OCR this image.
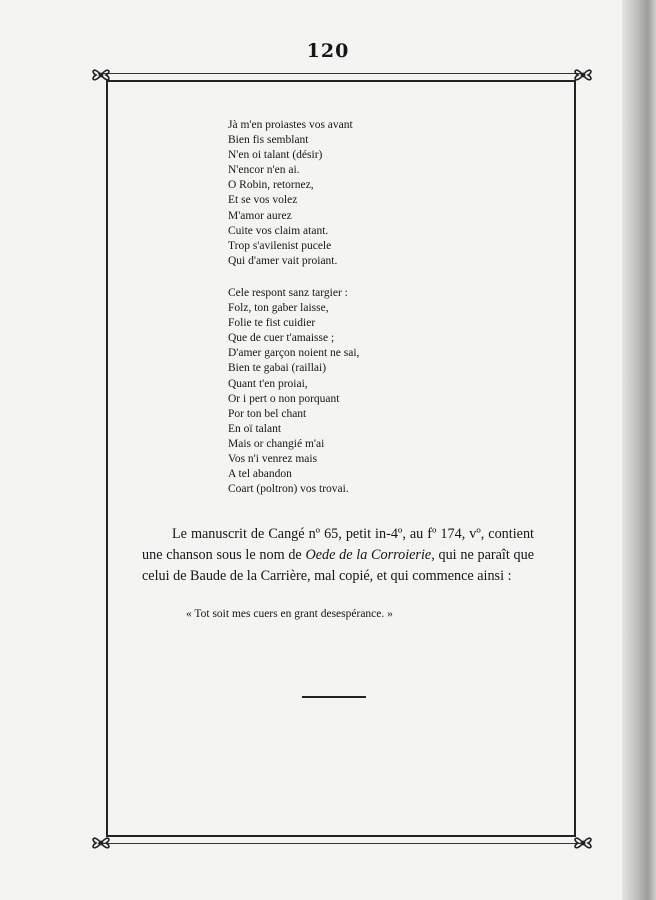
120
Jà m'en proiastes vos avant
Bien fis semblant
N'en oi talant (désir)
N'encor n'en ai.
O Robin, retornez,
Et se vos volez
M'amor aurez
Cuite vos claim atant.
Trop s'avilenist pucele
Qui d'amer vait proiant.
Cele respont sanz targier :
Folz, ton gaber laisse,
Folie te fist cuidier
Que de cuer t'amaisse ;
D'amer garçon noient ne sai,
Bien te gabai (raillai)
Quant t'en proiai,
Or i pert o non porquant
Por ton bel chant
En oï talant
Mais or changié m'ai
Vos n'i venrez mais
A tel abandon
Coart (poltron) vos trovai.
Le manuscrit de Cangé nº 65, petit in-4º, au fº 174, vº, contient une chanson sous le nom de Oede de la Corroierie, qui ne paraît que celui de Baude de la Carrière, mal copié, et qui commence ainsi :
« Tot soit mes cuers en grant desespérance. »
